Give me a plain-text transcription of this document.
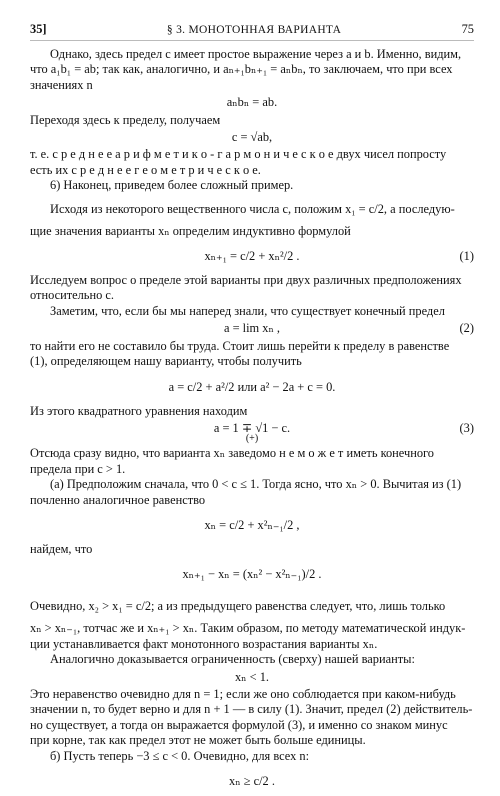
35]	§ 3. МОНОТОННАЯ ВАРИАНТА	75

Однако, здесь предел c имеет простое выражение через a и b. Именно, видим,

что a₁b₁ = ab; так как, аналогично, и aₙ₊₁bₙ₊₁ = aₙbₙ, то заключаем, что при всех

значениях n

aₙbₙ = ab.

Переходя здесь к пределу, получаем

c = √ab,

т. е. с р е д н е е а р и ф м е т и к о - г а р м о н и ч е с к о е двух чисел попросту

есть их с р е д н е е г е о м е т р и ч е с к о е.

6) Наконец, приведем более сложный пример.

Исходя из некоторого вещественного числа c, положим x₁ = c/2, а последую-

щие значения варианты xₙ определим индуктивно формулой

xₙ₊₁ = c/2 + xₙ²/2 .	(1)

Исследуем вопрос о пределе этой варианты при двух различных предположениях

относительно c.

Заметим, что, если бы мы наперед знали, что существует конечный предел

a = lim xₙ ,	(2)

то найти его не составило бы труда. Стоит лишь перейти к пределу в равенстве

(1), определяющем нашу варианту, чтобы получить

a = c/2 + a²/2 или a² − 2a + c = 0.

Из этого квадратного уравнения находим

a = 1 ∓ √1 − c.	(3)
(+)

Отсюда сразу видно, что варианта xₙ заведомо н е м о ж е т иметь конечного

предела при c > 1.

(а) Предположим сначала, что 0 < c ≤ 1. Тогда ясно, что xₙ > 0. Вычитая из (1)

почленно аналогичное равенство

xₙ = c/2 + x²ₙ₋₁/2 ,

найдем, что

xₙ₊₁ − xₙ = (xₙ² − x²ₙ₋₁)/2 .

Очевидно, x₂ > x₁ = c/2; а из предыдущего равенства следует, что, лишь только

xₙ > xₙ₋₁, тотчас же и xₙ₊₁ > xₙ. Таким образом, по методу математической индук-

ции устанавливается факт монотонного возрастания варианты xₙ.

Аналогично доказывается ограниченность (сверху) нашей варианты:

xₙ < 1.

Это неравенство очевидно для n = 1; если же оно соблюдается при каком-нибудь

значении n, то будет верно и для n + 1 — в силу (1). Значит, предел (2) действитель-

но существует, а тогда он выражается формулой (3), и именно со знаком минус

при корне, так как предел этот не может быть больше единицы.

б) Пусть теперь −3 ≤ c < 0. Очевидно, для всех n:

xₙ ≥ c/2 .
